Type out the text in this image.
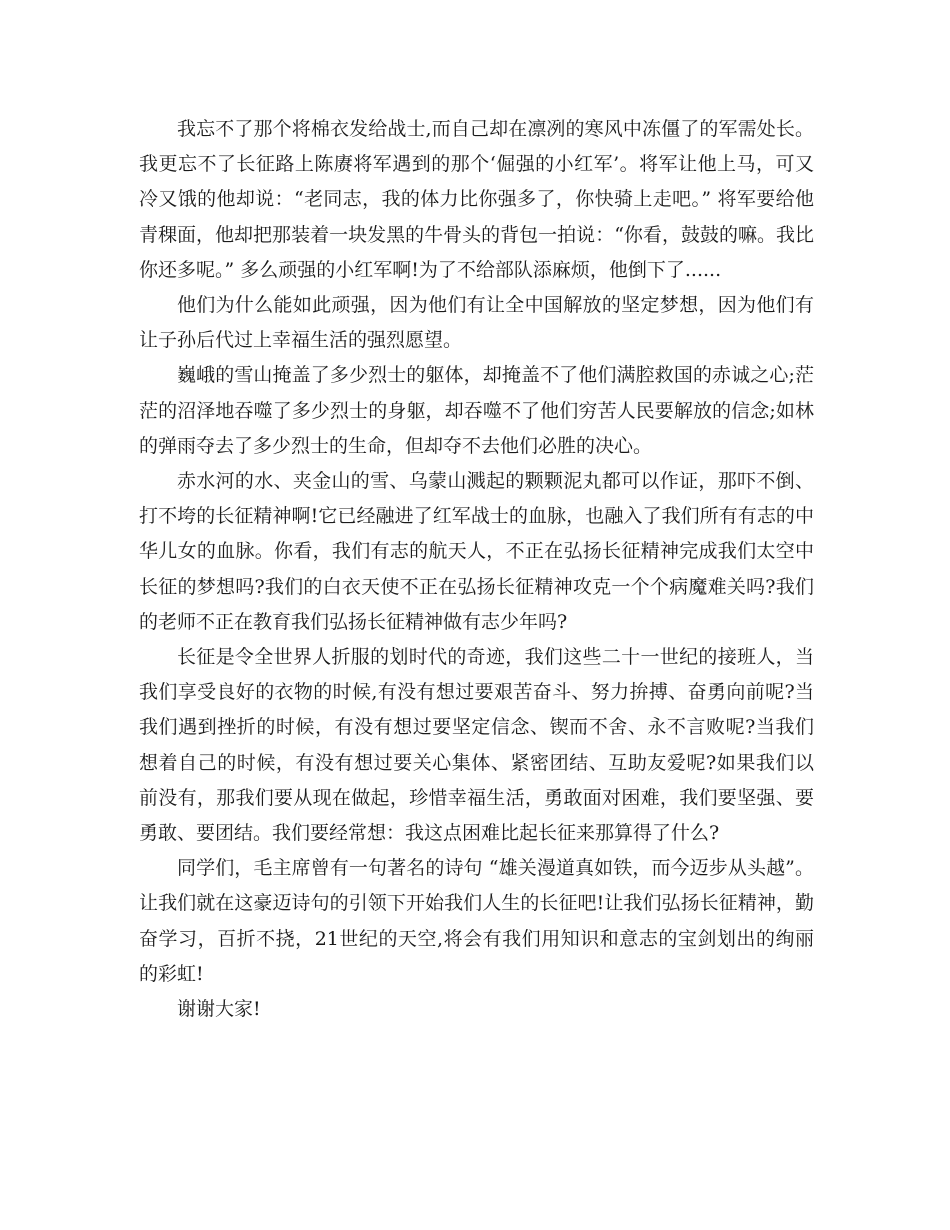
我忘不了那个将棉衣发给战士,而自己却在凛冽的寒风中冻僵了的军需处长。我更忘不了长征路上陈赓将军遇到的那个‘倔强的小红军’。将军让他上马，可又冷又饿的他却说：“老同志，我的体力比你强多了，你快骑上走吧。” 将军要给他青稞面，他却把那装着一块发黑的牛骨头的背包一拍说：“你看，鼓鼓的嘛。我比你还多呢。” 多么顽强的小红军啊!为了不给部队添麻烦，他倒下了......

他们为什么能如此顽强，因为他们有让全中国解放的坚定梦想，因为他们有让子孙后代过上幸福生活的强烈愿望。

巍峨的雪山掩盖了多少烈士的躯体，却掩盖不了他们满腔救国的赤诚之心;茫茫的沼泽地吞噬了多少烈士的身躯，却吞噬不了他们穷苦人民要解放的信念;如林的弹雨夺去了多少烈士的生命，但却夺不去他们必胜的决心。

赤水河的水、夹金山的雪、乌蒙山溅起的颗颗泥丸都可以作证，那吓不倒、打不垮的长征精神啊!它已经融进了红军战士的血脉，也融入了我们所有有志的中华儿女的血脉。你看，我们有志的航天人，不正在弘扬长征精神完成我们太空中长征的梦想吗?我们的白衣天使不正在弘扬长征精神攻克一个个病魔难关吗?我们的老师不正在教育我们弘扬长征精神做有志少年吗?

长征是令全世界人折服的划时代的奇迹，我们这些二十一世纪的接班人，当我们享受良好的衣物的时候,有没有想过要艰苦奋斗、努力拚搏、奋勇向前呢?当我们遇到挫折的时候，有没有想过要坚定信念、锲而不舍、永不言败呢?当我们想着自己的时候，有没有想过要关心集体、紧密团结、互助友爱呢?如果我们以前没有，那我们要从现在做起，珍惜幸福生活，勇敢面对困难，我们要坚强、要勇敢、要团结。我们要经常想：我这点困难比起长征来那算得了什么?

同学们，毛主席曾有一句著名的诗句 “雄关漫道真如铁，而今迈步从头越”。让我们就在这豪迈诗句的引领下开始我们人生的长征吧!让我们弘扬长征精神，勤奋学习，百折不挠，21世纪的天空,将会有我们用知识和意志的宝剑划出的绚丽的彩虹!

谢谢大家!
